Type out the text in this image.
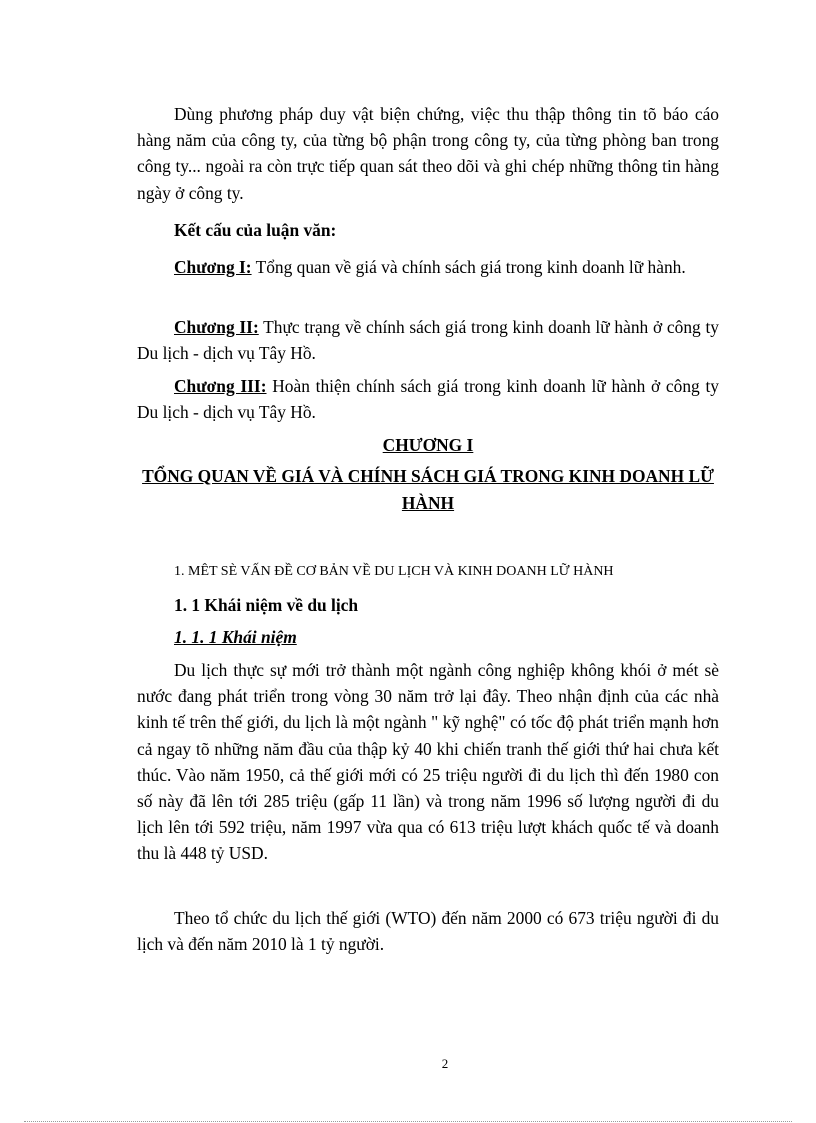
Dùng phương pháp duy vật biện chứng, việc thu thập thông tin tõ báo cáo hàng năm của công ty, của từng bộ phận trong công ty, của từng phòng ban trong công ty... ngoài ra còn trực tiếp quan sát theo dõi và ghi chép những thông tin hàng ngày ở công ty.

Kết cấu của luận văn:

Chương I: Tổng quan về giá và chính sách giá trong kinh doanh lữ hành.

Chương II: Thực trạng về chính sách giá trong kinh doanh lữ hành ở công ty Du lịch - dịch vụ Tây Hồ.

Chương III: Hoàn thiện chính sách giá trong kinh doanh lữ hành ở công ty Du lịch - dịch vụ Tây Hồ.

CHƯƠNG I
TỔNG QUAN VỀ GIÁ VÀ CHÍNH SÁCH GIÁ TRONG KINH DOANH LỮ HÀNH
1. MÊT SÈ VẤN ĐỀ CƠ BẢN VỀ DU LỊCH VÀ KINH DOANH LỮ HÀNH
1. 1 Khái niệm về du lịch
1. 1. 1 Khái niệm

Du lịch thực sự mới trở thành một ngành công nghiệp không khói ở mét sè nước đang phát triển trong vòng 30 năm trở lại đây. Theo nhận định của các nhà kinh tế trên thế giới, du lịch là một ngành " kỹ nghệ" có tốc độ phát triển mạnh hơn cả ngay tõ những năm đầu của thập kỷ 40 khi chiến tranh thế giới thứ hai chưa kết thúc. Vào năm 1950, cả thế giới mới có 25 triệu người đi du lịch thì đến 1980 con số này đã lên tới 285 triệu (gấp 11 lần) và trong năm 1996 số lượng người đi du lịch lên tới 592 triệu, năm 1997 vừa qua có 613 triệu lượt khách quốc tế và doanh thu là 448 tỷ USD.

Theo tổ chức du lịch thế giới (WTO) đến năm 2000 có 673 triệu người đi du lịch và đến năm 2010 là 1 tỷ người.

2
